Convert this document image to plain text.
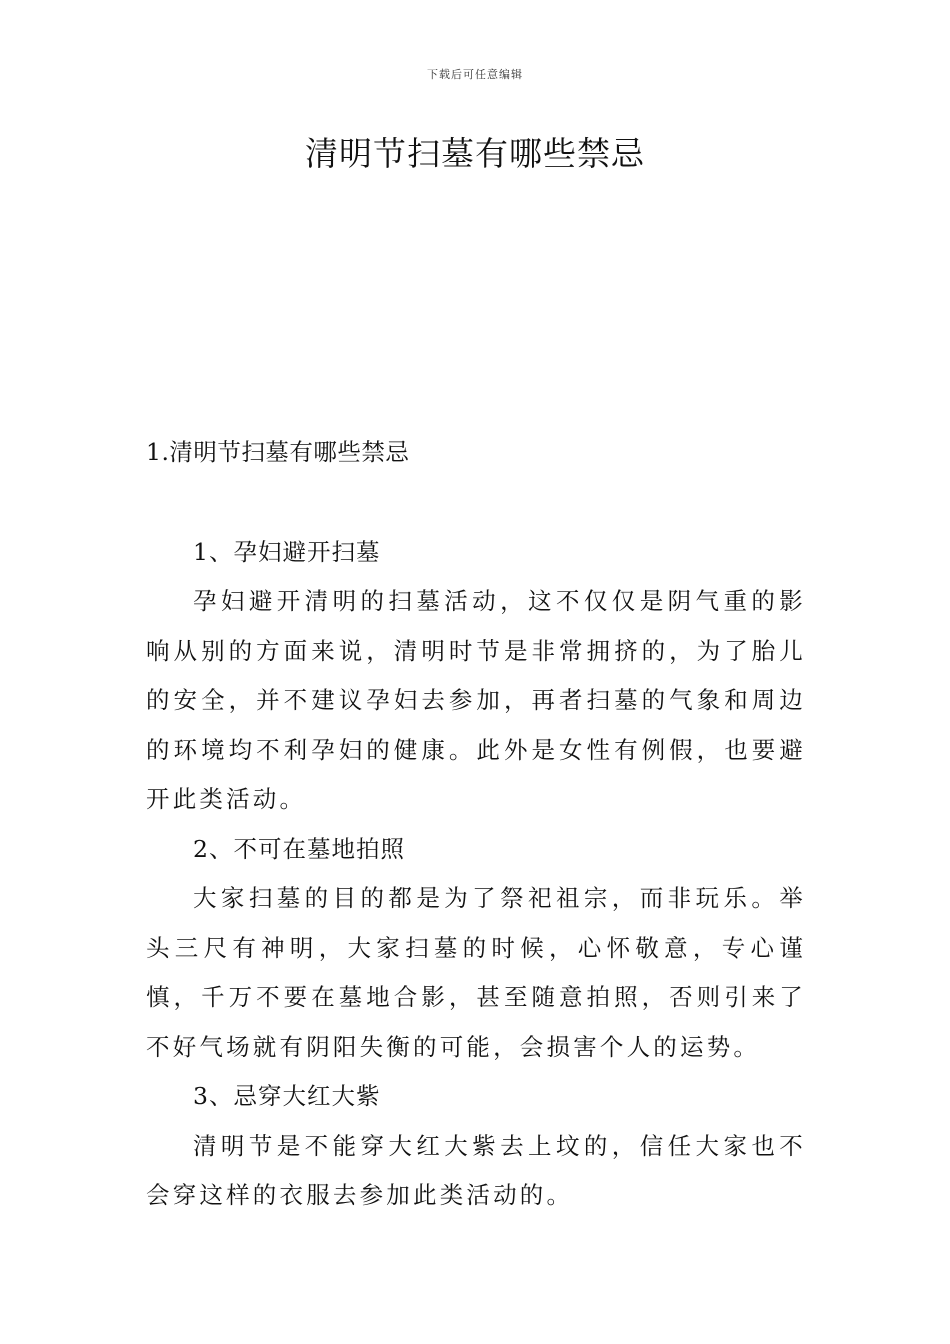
下载后可任意编辑
清明节扫墓有哪些禁忌

1.清明节扫墓有哪些禁忌

1、孕妇避开扫墓

孕妇避开清明的扫墓活动，这不仅仅是阴气重的影响从别的方面来说，清明时节是非常拥挤的，为了胎儿的安全，并不建议孕妇去参加，再者扫墓的气象和周边的环境均不利孕妇的健康。此外是女性有例假，也要避开此类活动。

2、不可在墓地拍照

大家扫墓的目的都是为了祭祀祖宗，而非玩乐。举头三尺有神明，大家扫墓的时候，心怀敬意，专心谨慎，千万不要在墓地合影，甚至随意拍照，否则引来了不好气场就有阴阳失衡的可能，会损害个人的运势。

3、忌穿大红大紫

清明节是不能穿大红大紫去上坟的，信任大家也不会穿这样的衣服去参加此类活动的。
